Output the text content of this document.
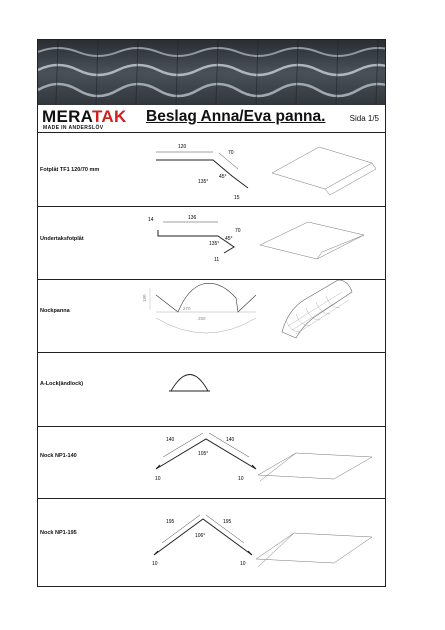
MERATAK
MADE IN ANDERSLÖV
Beslag Anna/Eva panna.	Sida 1/5
Fotplåt TF1 120/70 mm
120
70
45°
135°
15
Undertaksfotplåt
14	136
70
45°
135°
11
Nockpanna
180
270
250
A-Lock(ändlock)
Nock NP1-140
140	140
105°
10	10
Nock NP1-195
195	195
106°
10	10
